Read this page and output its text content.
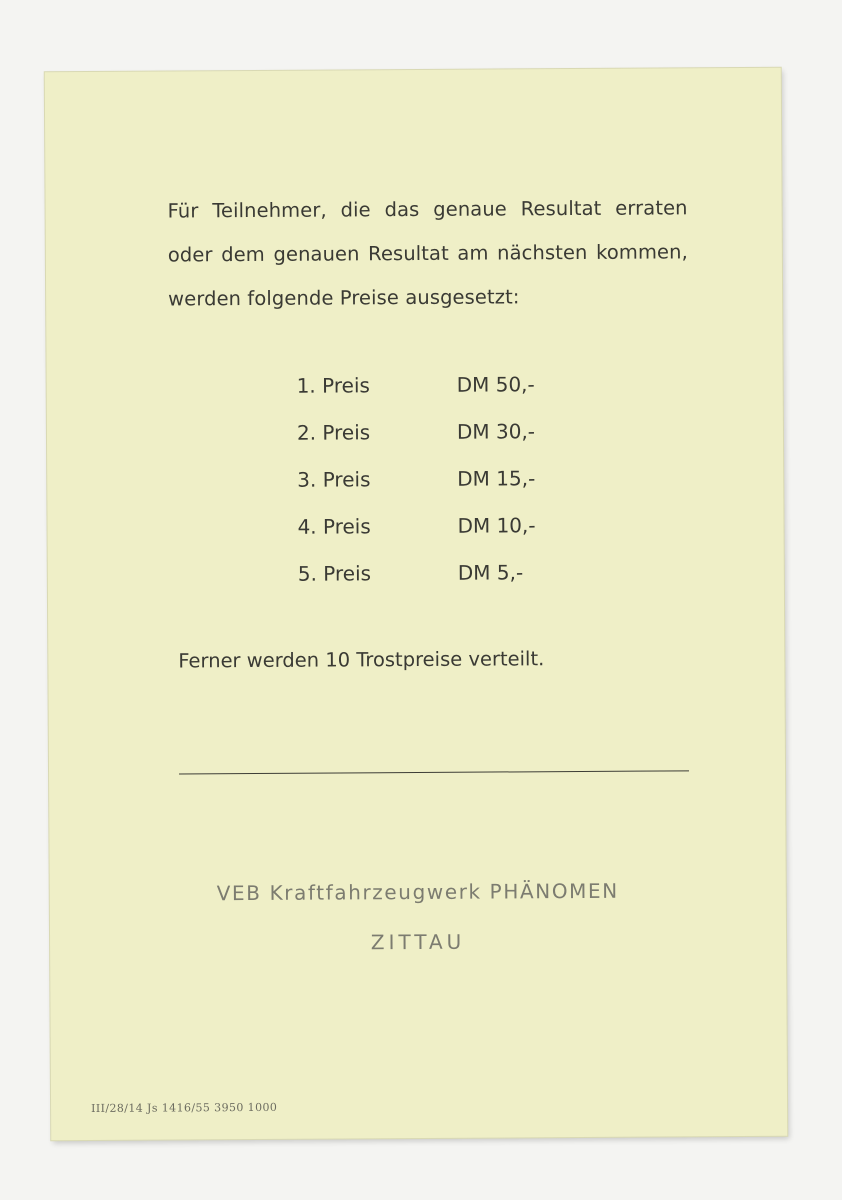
Für Teilnehmer, die das genaue Resultat erraten oder dem genauen Resultat am nächsten kommen, werden folgende Preise ausgesetzt:

1. Preis	DM 50,-
2. Preis	DM 30,-
3. Preis	DM 15,-
4. Preis	DM 10,-
5. Preis	DM 5,-

Ferner werden 10 Trostpreise verteilt.

VEB Kraftfahrzeugwerk PHÄNOMEN

ZITTAU

III/28/14 Js 1416/55 3950 1000
